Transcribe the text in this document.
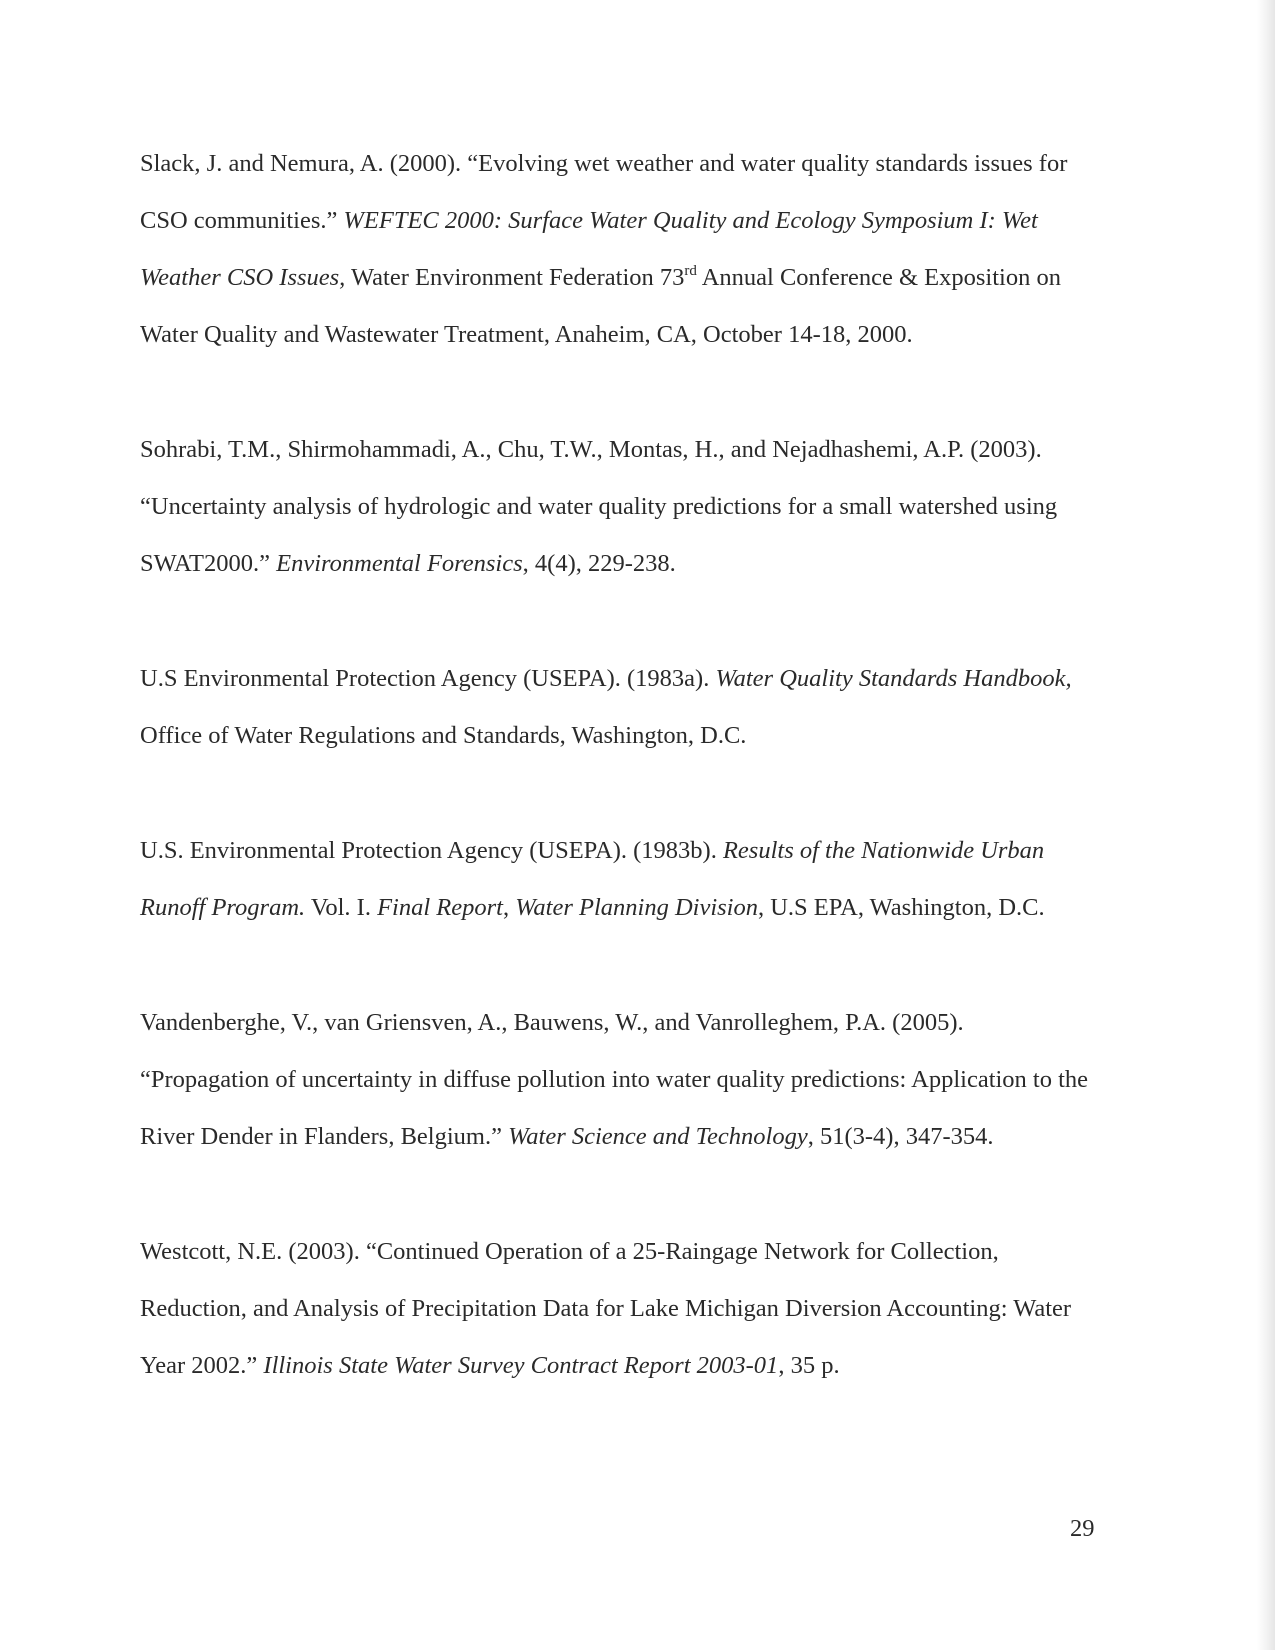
Slack, J. and Nemura, A. (2000). “Evolving wet weather and water quality standards issues for
CSO communities.” WEFTEC 2000: Surface Water Quality and Ecology Symposium I: Wet
Weather CSO Issues, Water Environment Federation 73rd Annual Conference & Exposition on
Water Quality and Wastewater Treatment, Anaheim, CA, October 14-18, 2000.
Sohrabi, T.M., Shirmohammadi, A., Chu, T.W., Montas, H., and Nejadhashemi, A.P. (2003).
“Uncertainty analysis of hydrologic and water quality predictions for a small watershed using
SWAT2000.” Environmental Forensics, 4(4), 229-238.
U.S Environmental Protection Agency (USEPA). (1983a). Water Quality Standards Handbook,
Office of Water Regulations and Standards, Washington, D.C.
U.S. Environmental Protection Agency (USEPA). (1983b). Results of the Nationwide Urban
Runoff Program. Vol. I. Final Report, Water Planning Division, U.S EPA, Washington, D.C.
Vandenberghe, V., van Griensven, A., Bauwens, W., and Vanrolleghem, P.A. (2005).
“Propagation of uncertainty in diffuse pollution into water quality predictions: Application to the
River Dender in Flanders, Belgium.” Water Science and Technology, 51(3-4), 347-354.
Westcott, N.E. (2003). “Continued Operation of a 25-Raingage Network for Collection,
Reduction, and Analysis of Precipitation Data for Lake Michigan Diversion Accounting: Water
Year 2002.” Illinois State Water Survey Contract Report 2003-01, 35 p.
29
